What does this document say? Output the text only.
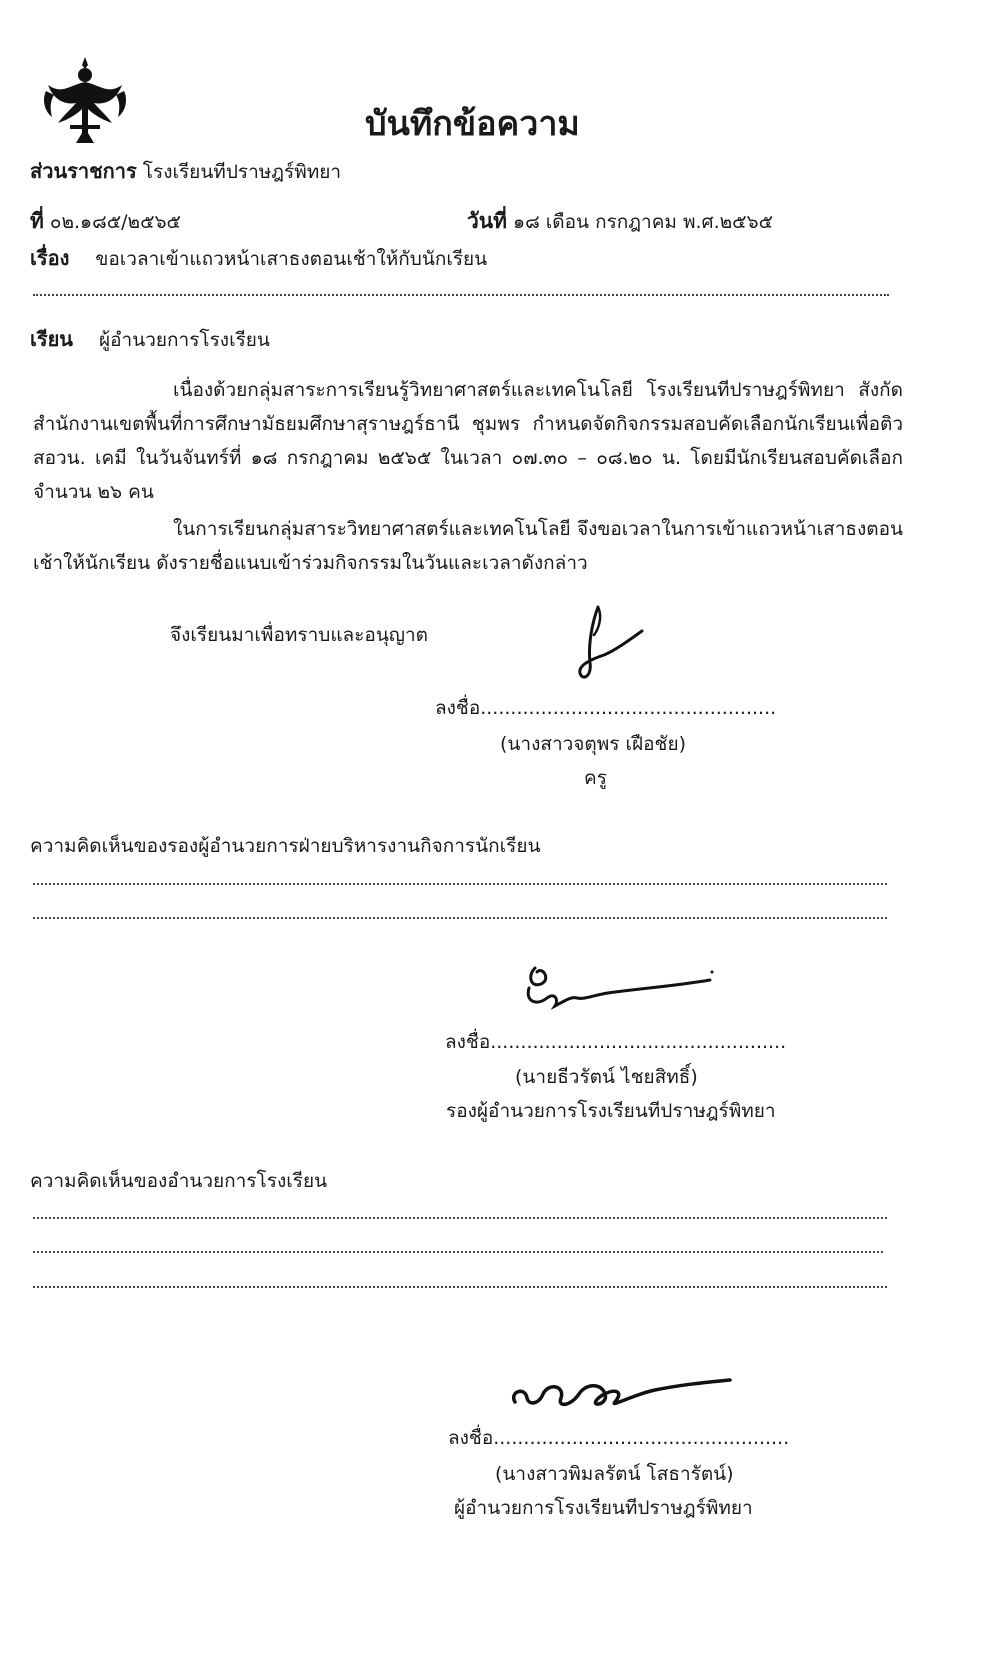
บันทึกข้อความ
ส่วนราชการ โรงเรียนทีปราษฎร์พิทยา
ที่ ๐๒.๑๘๕/๒๕๖๕	วันที่ ๑๘ เดือน กรกฎาคม พ.ศ.๒๕๖๕
เรื่อง ขอเวลาเข้าแถวหน้าเสาธงตอนเช้าให้กับนักเรียน
เรียน ผู้อำนวยการโรงเรียน
เนื่องด้วยกลุ่มสาระการเรียนรู้วิทยาศาสตร์และเทคโนโลยี โรงเรียนทีปราษฎร์พิทยา สังกัดสำนักงานเขตพื้นที่การศึกษามัธยมศึกษาสุราษฎร์ธานี ชุมพร กำหนดจัดกิจกรรมสอบคัดเลือกนักเรียนเพื่อติว สอวน. เคมี ในวันจันทร์ที่ ๑๘ กรกฎาคม ๒๕๖๕ ในเวลา ๐๗.๓๐ – ๐๘.๒๐ น. โดยมีนักเรียนสอบคัดเลือกจำนวน ๒๖ คน
ในการเรียนกลุ่มสาระวิทยาศาสตร์และเทคโนโลยี จึงขอเวลาในการเข้าแถวหน้าเสาธงตอนเช้าให้นักเรียน ดังรายชื่อแนบเข้าร่วมกิจกรรมในวันและเวลาดังกล่าว
จึงเรียนมาเพื่อทราบและอนุญาต
ลงชื่อ.................................................
(นางสาวจตุพร เฝือชัย)
ครู
ความคิดเห็นของรองผู้อำนวยการฝ่ายบริหารงานกิจการนักเรียน
ลงชื่อ.................................................
(นายธีวรัตน์ ไชยสิทธิ์)
รองผู้อำนวยการโรงเรียนทีปราษฎร์พิทยา
ความคิดเห็นของอำนวยการโรงเรียน
ลงชื่อ.................................................
(นางสาวพิมลรัตน์ โสธารัตน์)
ผู้อำนวยการโรงเรียนทีปราษฎร์พิทยา
